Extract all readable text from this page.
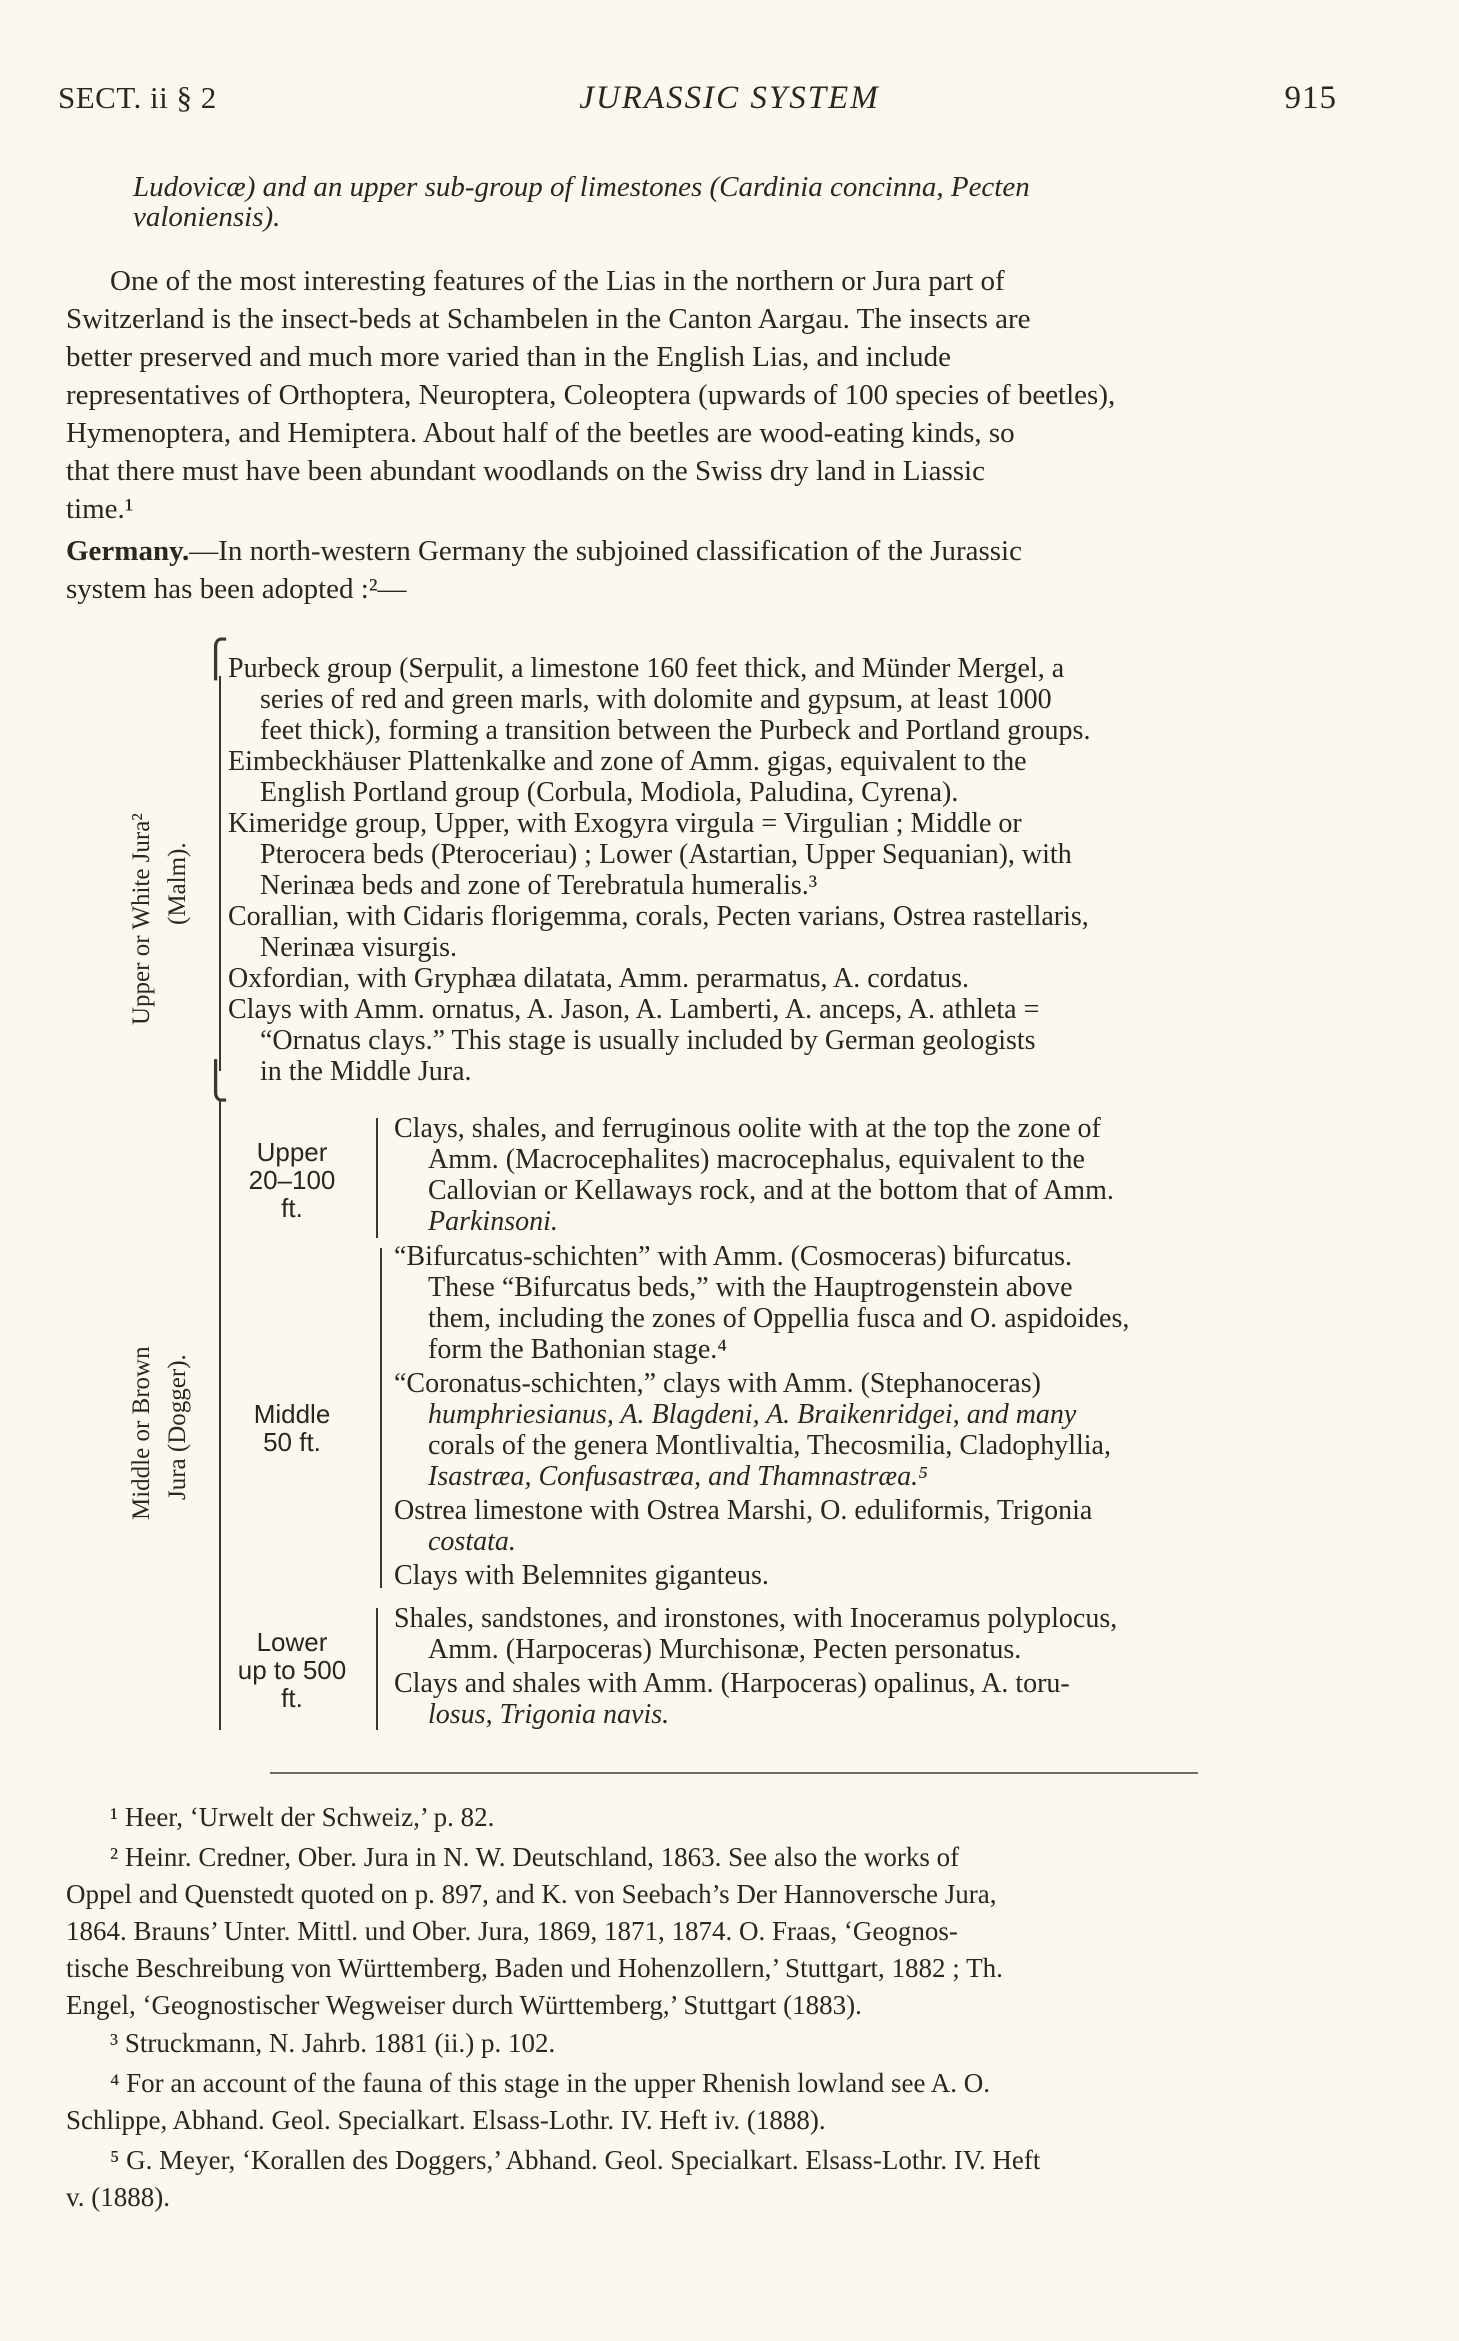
SECT. ii § 2	JURASSIC SYSTEM	915
Ludovicæ) and an upper sub-group of limestones (Cardinia concinna, Pecten
valoniensis).
One of the most interesting features of the Lias in the northern or Jura part of
Switzerland is the insect-beds at Schambelen in the Canton Aargau. The insects are
better preserved and much more varied than in the English Lias, and include
representatives of Orthoptera, Neuroptera, Coleoptera (upwards of 100 species of beetles),
Hymenoptera, and Hemiptera. About half of the beetles are wood-eating kinds, so
that there must have been abundant woodlands on the Swiss dry land in Liassic
time.¹
Germany.—In north-western Germany the subjoined classification of the Jurassic
system has been adopted :²—
Upper or White Jura² (Malm).
⎧
⎩
Purbeck group (Serpulit, a limestone 160 feet thick, and Münder Mergel, a
series of red and green marls, with dolomite and gypsum, at least 1000
feet thick), forming a transition between the Purbeck and Portland groups.
Eimbeckhäuser Plattenkalke and zone of Amm. gigas, equivalent to the
English Portland group (Corbula, Modiola, Paludina, Cyrena).
Kimeridge group, Upper, with Exogyra virgula = Virgulian ; Middle or
Pterocera beds (Pteroceriau) ; Lower (Astartian, Upper Sequanian), with
Nerinæa beds and zone of Terebratula humeralis.³
Corallian, with Cidaris florigemma, corals, Pecten varians, Ostrea rastellaris,
Nerinæa visurgis.
Oxfordian, with Gryphæa dilatata, Amm. perarmatus, A. cordatus.
Clays with Amm. ornatus, A. Jason, A. Lamberti, A. anceps, A. athleta =
“Ornatus clays.” This stage is usually included by German geologists
in the Middle Jura.
Middle or Brown Jura (Dogger).
Upper
20–100
ft.
Clays, shales, and ferruginous oolite with at the top the zone of
Amm. (Macrocephalites) macrocephalus, equivalent to the
Callovian or Kellaways rock, and at the bottom that of Amm.
Parkinsoni.
Middle
50 ft.
“Bifurcatus-schichten” with Amm. (Cosmoceras) bifurcatus.
These “Bifurcatus beds,” with the Hauptrogenstein above
them, including the zones of Oppellia fusca and O. aspidoides,
form the Bathonian stage.⁴
“Coronatus-schichten,” clays with Amm. (Stephanoceras)
humphriesianus, A. Blagdeni, A. Braikenridgei, and many
corals of the genera Montlivaltia, Thecosmilia, Cladophyllia,
Isastræa, Confusastræa, and Thamnastræa.⁵
Ostrea limestone with Ostrea Marshi, O. eduliformis, Trigonia
costata.
Clays with Belemnites giganteus.
Lower
up to 500
ft.
Shales, sandstones, and ironstones, with Inoceramus polyplocus,
Amm. (Harpoceras) Murchisonæ, Pecten personatus.
Clays and shales with Amm. (Harpoceras) opalinus, A. toru-
losus, Trigonia navis.
¹ Heer, ‘Urwelt der Schweiz,’ p. 82.
² Heinr. Credner, Ober. Jura in N. W. Deutschland, 1863. See also the works of
Oppel and Quenstedt quoted on p. 897, and K. von Seebach’s Der Hannoversche Jura,
1864. Brauns’ Unter. Mittl. und Ober. Jura, 1869, 1871, 1874. O. Fraas, ‘Geognos-
tische Beschreibung von Württemberg, Baden und Hohenzollern,’ Stuttgart, 1882 ; Th.
Engel, ‘Geognostischer Wegweiser durch Württemberg,’ Stuttgart (1883).
³ Struckmann, N. Jahrb. 1881 (ii.) p. 102.
⁴ For an account of the fauna of this stage in the upper Rhenish lowland see A. O.
Schlippe, Abhand. Geol. Specialkart. Elsass-Lothr. IV. Heft iv. (1888).
⁵ G. Meyer, ‘Korallen des Doggers,’ Abhand. Geol. Specialkart. Elsass-Lothr. IV. Heft
v. (1888).
